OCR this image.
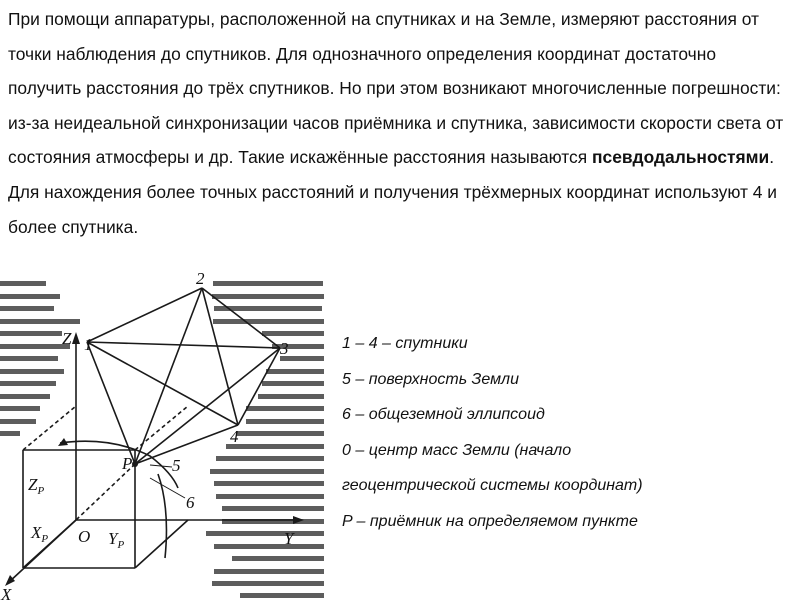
При помощи аппаратуры, расположенной на спутниках и на Земле, измеряют расстояния от точки наблюдения до спутников. Для однозначного определения координат достаточно получить расстояния до трёх спутников. Но при этом возникают многочисленные погрешности: из-за неидеальной синхронизации часов приёмника и спутника, зависимости скорости света от состояния атмосферы и др. Такие искажённые расстояния называются псевдодальностями. Для нахождения более точных расстояний и получения трёхмерных координат используют 4 и более спутника.

Z
Y
X
O
$Z_P$
$X_P$	$Y_P$
1
2
3
4
P 5
6
1 – 4 – спутники
5 – поверхность Земли
6 – общеземной эллипсоид
0 – центр масс Земли (начало
геоцентрической системы координат)
P – приёмник на определяемом пункте
